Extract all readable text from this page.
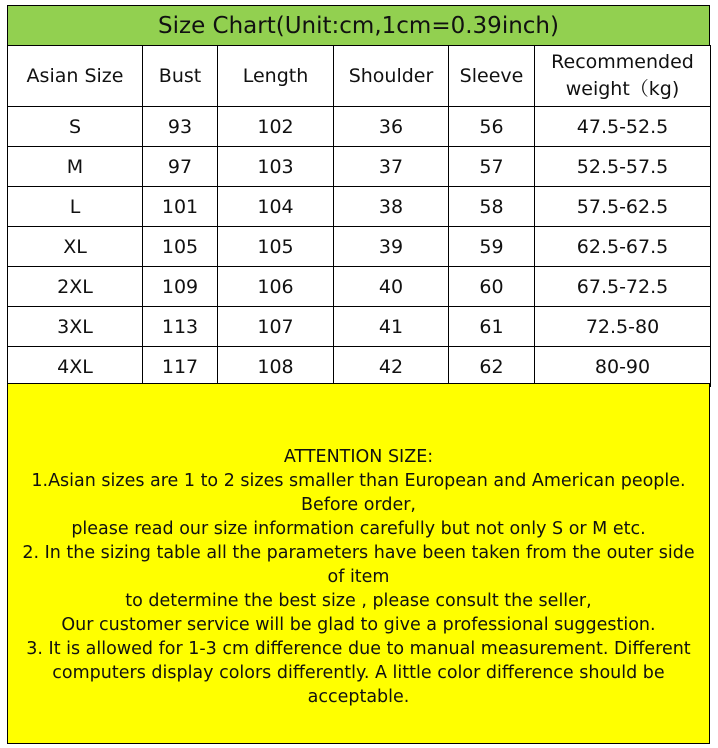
Size Chart(Unit:cm,1cm=0.39inch)
Asian Size	Bust	Length	Shoulder	Sleeve	Recommended
weight（kg)

S	93	102	36	56	47.5-52.5
M	97	103	37	57	52.5-57.5
L	101	104	38	58	57.5-62.5
XL	105	105	39	59	62.5-67.5
2XL	109	106	40	60	67.5-72.5
3XL	113	107	41	61	72.5-80
4XL	117	108	42	62	80-90
ATTENTION SIZE:
1.Asian sizes are 1 to 2 sizes smaller than European and American people. Before order,
please read our size information carefully but not only S or M etc.
2. In the sizing table all the parameters have been taken from the outer side of item
to determine the best size , please consult the seller,
Our customer service will be glad to give a professional suggestion.
3. It is allowed for 1-3 cm difference due to manual measurement. Different
computers display colors differently. A little color difference should be acceptable.
